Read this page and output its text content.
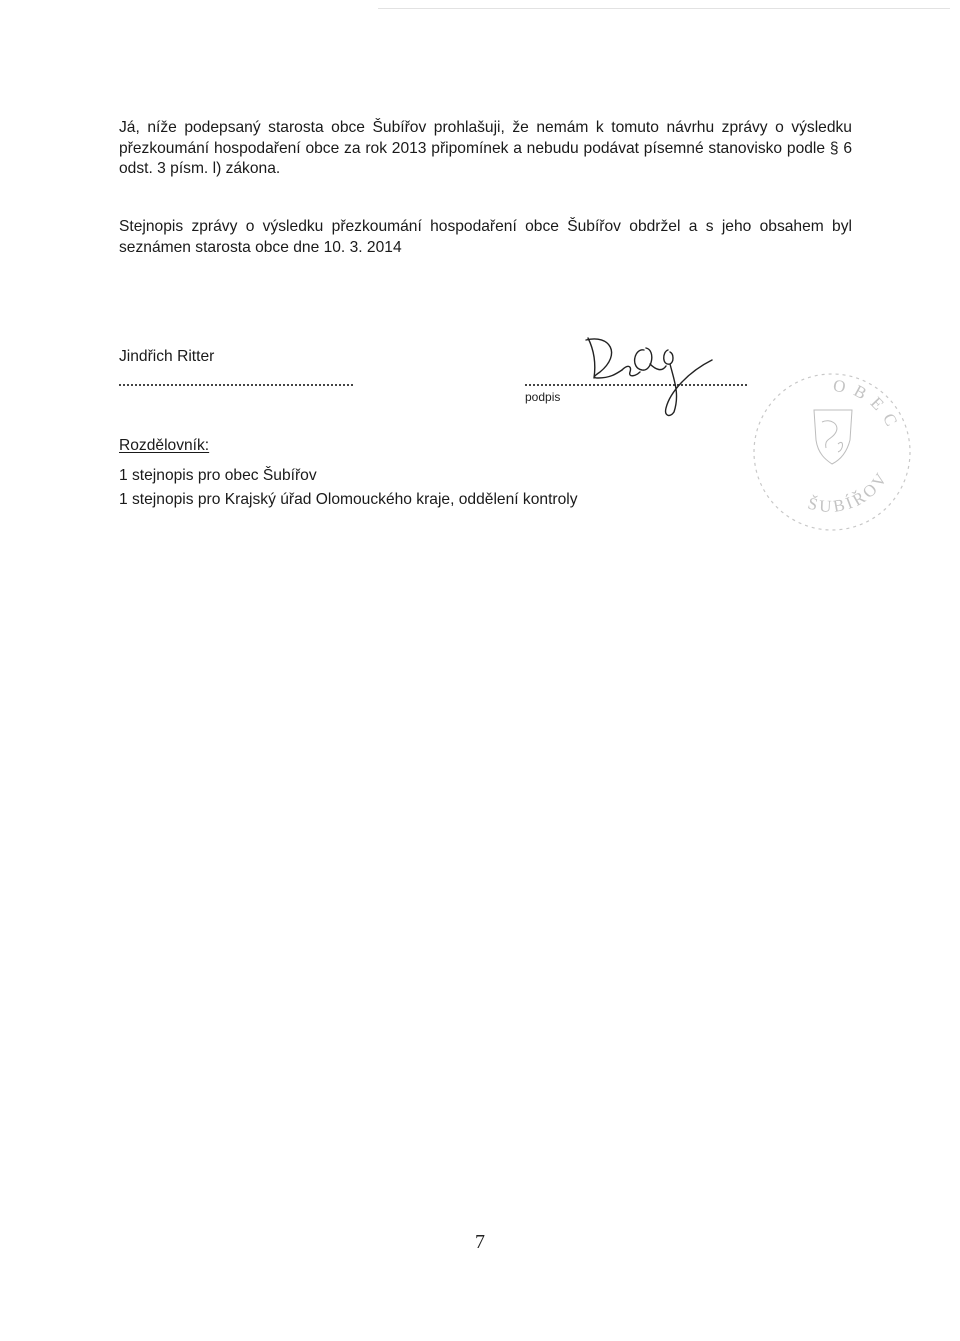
Já, níže podepsaný starosta obce Šubířov prohlašuji, že nemám k tomuto návrhu zprávy o výsledku přezkoumání hospodaření obce za rok 2013 připomínek a nebudu podávat písemné stanovisko podle § 6 odst. 3 písm. l) zákona.

Stejnopis zprávy o výsledku přezkoumání hospodaření obce Šubířov obdržel a s jeho obsahem byl seznámen starosta obce dne 10. 3. 2014

Jindřich Ritter
podpis	OBEC
ŠUBÍŘOV
Rozdělovník:
1 stejnopis pro obec Šubířov
1 stejnopis pro Krajský úřad Olomouckého kraje, oddělení kontroly
7
